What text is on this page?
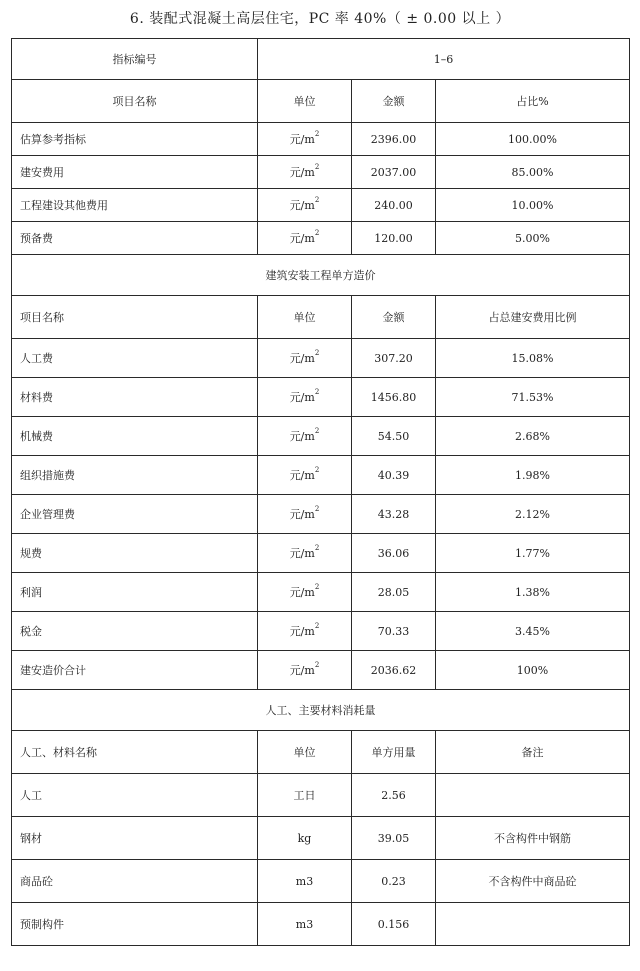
6. 装配式混凝土高层住宅，PC 率 40%（ ± 0.00 以上 ）
指标编号	1–6		
项目名称	单位	金额	占比%
估算参考指标	元$/m^2$	2396.00	100.00%
建安费用	元$/m^2$	2037.00	85.00%
工程建设其他费用	元$/m^2$	240.00	10.00%
预备费	元$/m^2$	120.00	5.00%
建筑安装工程单方造价			
项目名称	单位	金额	占总建安费用比例
人工费	元$/m^2$	307.20	15.08%
材料费	元$/m^2$	1456.80	71.53%
机械费	元$/m^2$	54.50	2.68%
组织措施费	元$/m^2$	40.39	1.98%
企业管理费	元$/m^2$	43.28	2.12%
规费	元$/m^2$	36.06	1.77%
利润	元$/m^2$	28.05	1.38%
税金	元$/m^2$	70.33	3.45%
建安造价合计	元$/m^2$	2036.62	100%
人工、主要材料消耗量			
人工、材料名称	单位	单方用量	备注
人工	工日	2.56	
钢材	kg	39.05	不含构件中钢筋
商品砼	m3	0.23	不含构件中商品砼
预制构件	m3	0.156	
